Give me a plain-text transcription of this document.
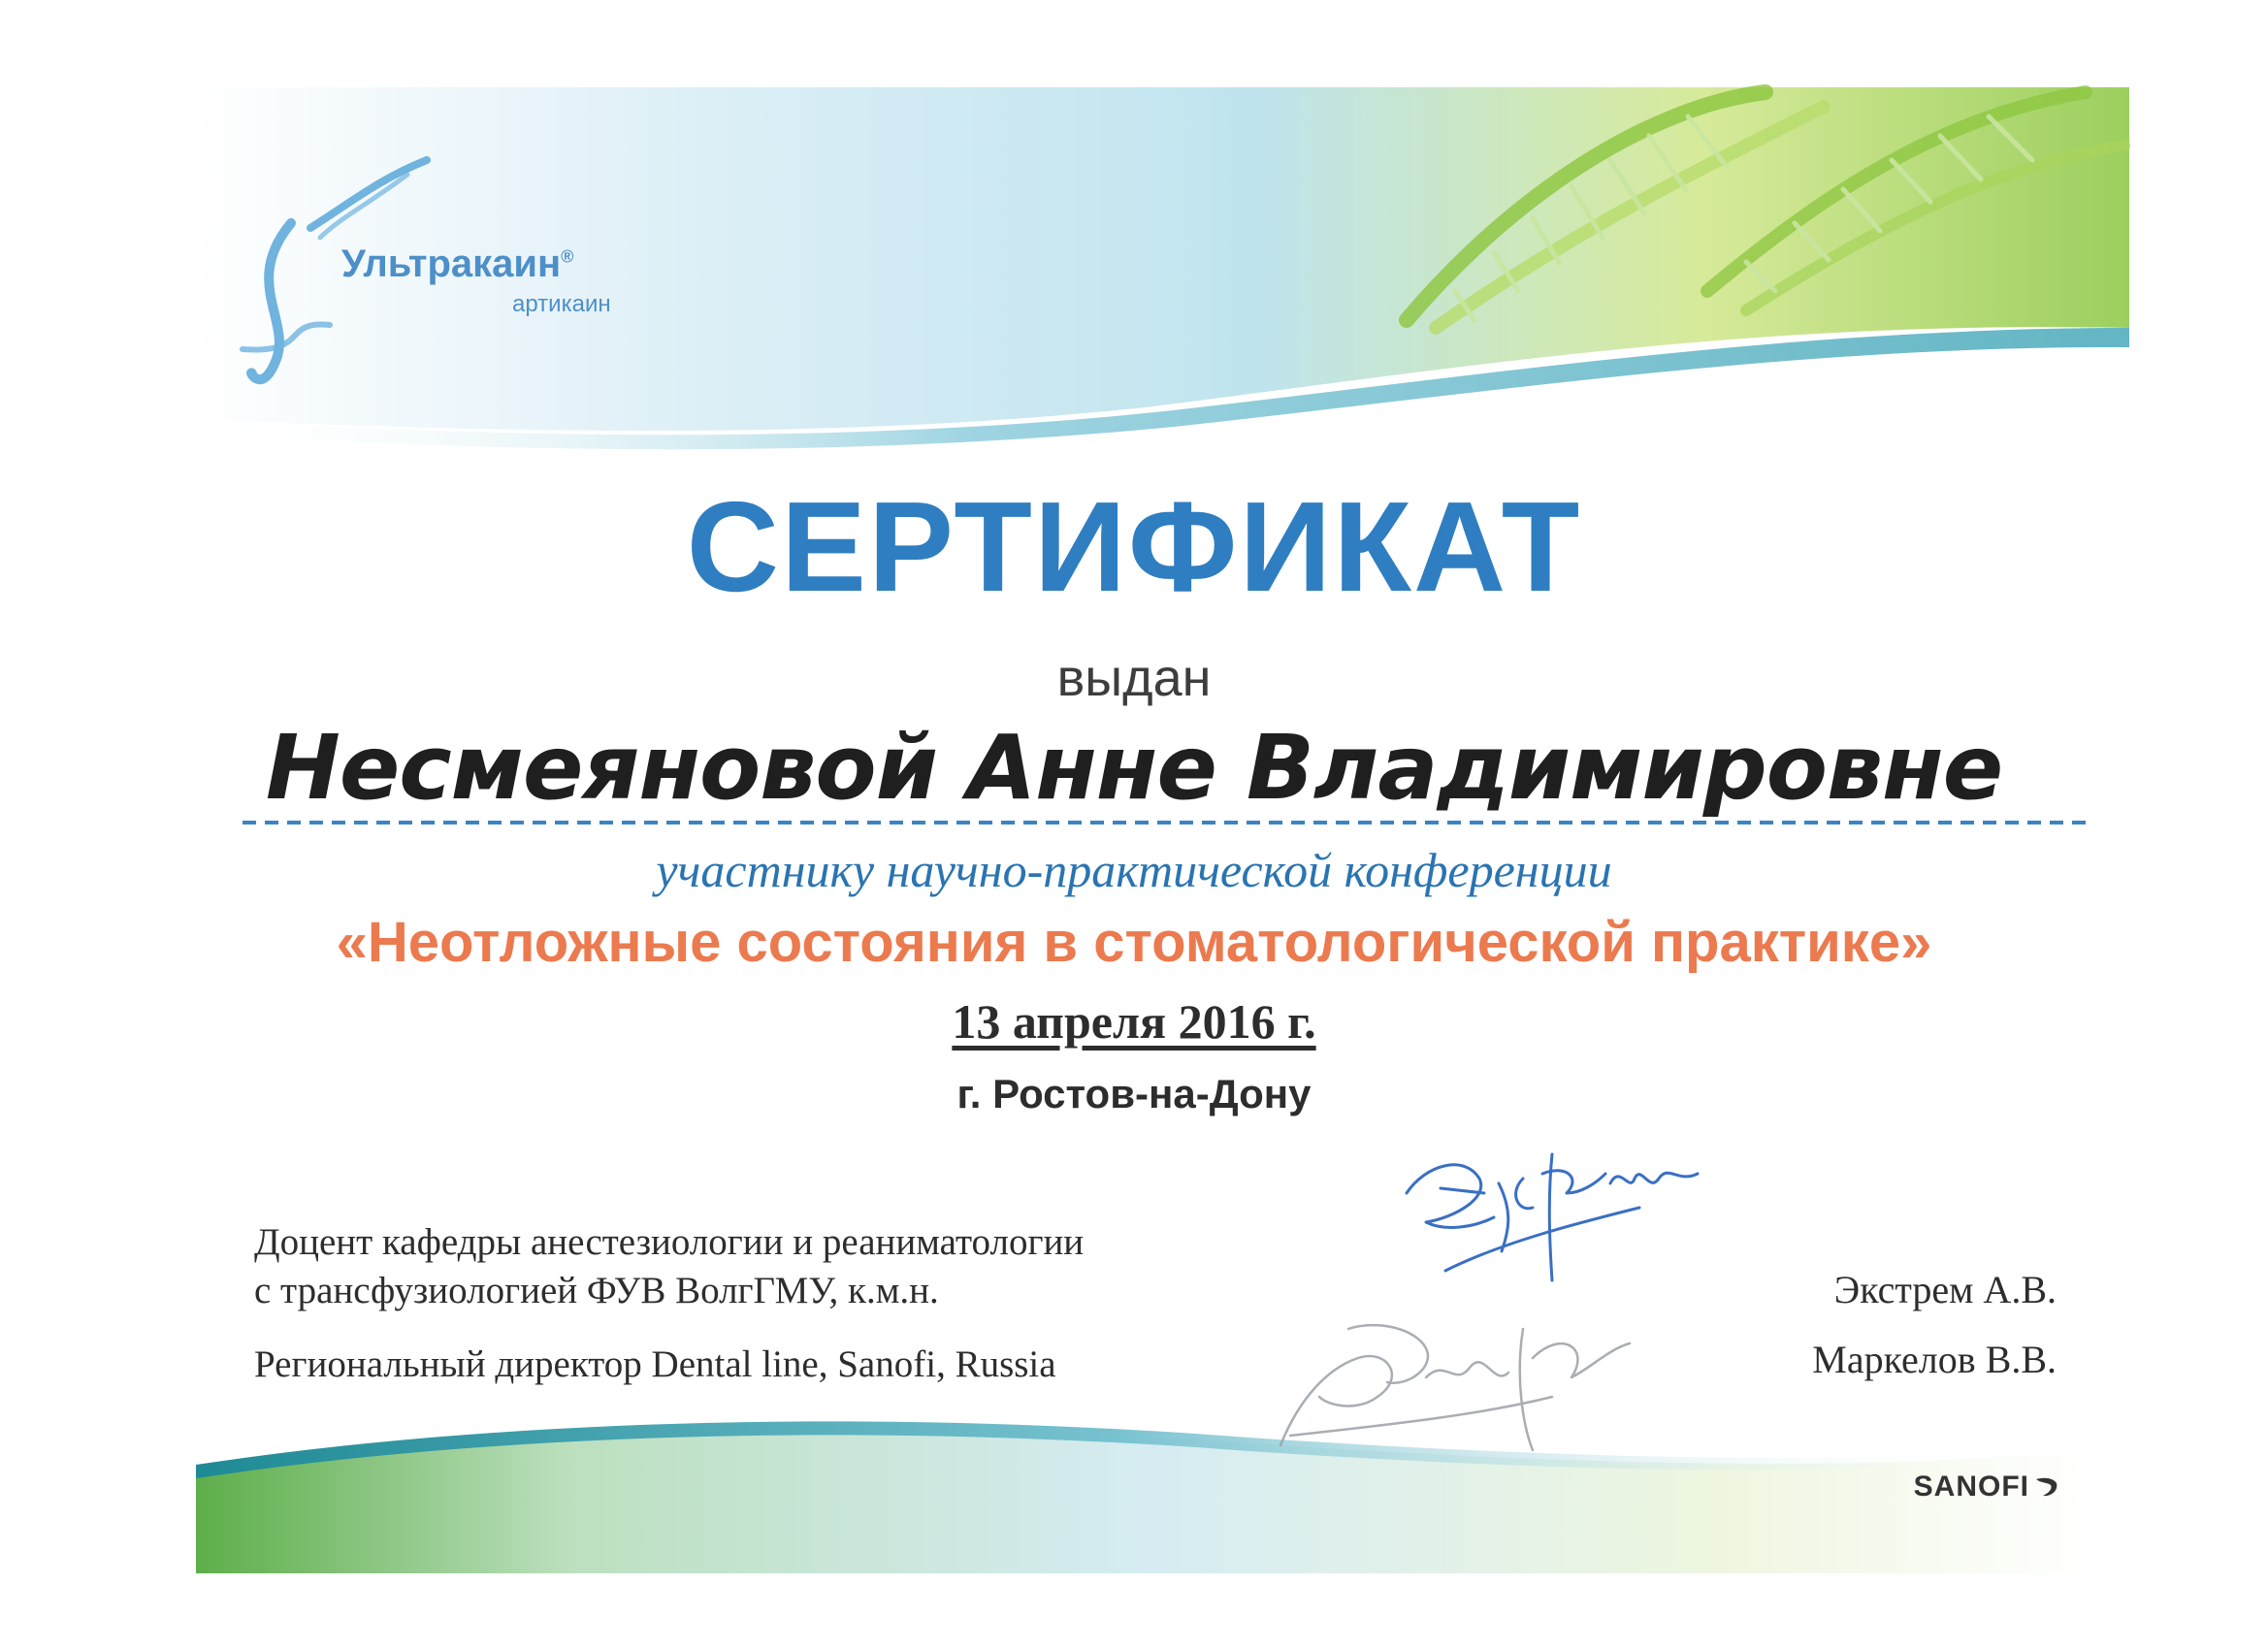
Ультракаин®
артикаин
СЕРТИФИКАТ
выдан
Несмеяновой Анне Владимировне
участнику научно-практической конференции
«Неотложные состояния в стоматологической практике»
13 апреля 2016 г.
г. Ростов-на-Дону
Доцент кафедры анестезиологии и реаниматологии
с трансфузиологией ФУВ ВолгГМУ, к.м.н.
Региональный директор Dental line, Sanofi, Russia
Экстрем А.В.
Маркелов В.В.
SANOFI
